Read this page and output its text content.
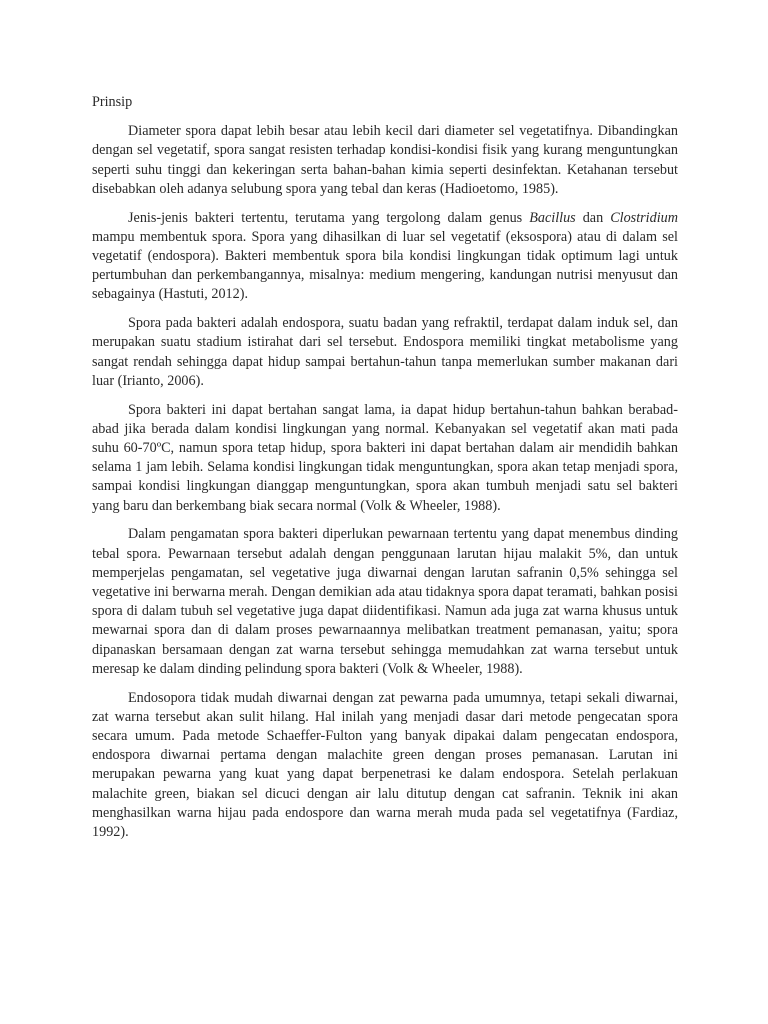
Prinsip

Diameter spora dapat lebih besar atau lebih kecil dari diameter sel vegetatifnya. Dibandingkan dengan sel vegetatif, spora sangat resisten terhadap kondisi-kondisi fisik yang kurang menguntungkan seperti suhu tinggi dan kekeringan serta bahan-bahan kimia seperti desinfektan. Ketahanan tersebut disebabkan oleh adanya selubung spora yang tebal dan keras (Hadioetomo, 1985).

Jenis-jenis bakteri tertentu, terutama yang tergolong dalam genus Bacillus dan Clostridium mampu membentuk spora. Spora yang dihasilkan di luar sel vegetatif (eksospora) atau di dalam sel vegetatif (endospora). Bakteri membentuk spora bila kondisi lingkungan tidak optimum lagi untuk pertumbuhan dan perkembangannya, misalnya: medium mengering, kandungan nutrisi menyusut dan sebagainya (Hastuti, 2012).

Spora pada bakteri adalah endospora, suatu badan yang refraktil, terdapat dalam induk sel, dan merupakan suatu stadium istirahat dari sel tersebut. Endospora memiliki tingkat metabolisme yang sangat rendah sehingga dapat hidup sampai bertahun-tahun tanpa memerlukan sumber makanan dari luar (Irianto, 2006).

Spora bakteri ini dapat bertahan sangat lama, ia dapat hidup bertahun-tahun bahkan berabad-abad jika berada dalam kondisi lingkungan yang normal. Kebanyakan sel vegetatif akan mati pada suhu 60-70ºC, namun spora tetap hidup, spora bakteri ini dapat bertahan dalam air mendidih bahkan selama 1 jam lebih. Selama kondisi lingkungan tidak menguntungkan, spora akan tetap menjadi spora, sampai kondisi lingkungan dianggap menguntungkan, spora akan tumbuh menjadi satu sel bakteri yang baru dan berkembang biak secara normal (Volk & Wheeler, 1988).

Dalam pengamatan spora bakteri diperlukan pewarnaan tertentu yang dapat menembus dinding tebal spora. Pewarnaan tersebut adalah dengan penggunaan larutan hijau malakit 5%, dan untuk memperjelas pengamatan, sel vegetative juga diwarnai dengan larutan safranin 0,5% sehingga sel vegetative ini berwarna merah. Dengan demikian ada atau tidaknya spora dapat teramati, bahkan posisi spora di dalam tubuh sel vegetative juga dapat diidentifikasi. Namun ada juga zat warna khusus untuk mewarnai spora dan di dalam proses pewarnaannya melibatkan treatment pemanasan, yaitu; spora dipanaskan bersamaan dengan zat warna tersebut sehingga memudahkan zat warna tersebut untuk meresap ke dalam dinding pelindung spora bakteri (Volk & Wheeler, 1988).

Endosopora tidak mudah diwarnai dengan zat pewarna pada umumnya, tetapi sekali diwarnai, zat warna tersebut akan sulit hilang. Hal inilah yang menjadi dasar dari metode pengecatan spora secara umum. Pada metode Schaeffer-Fulton yang banyak dipakai dalam pengecatan endospora, endospora diwarnai pertama dengan malachite green dengan proses pemanasan. Larutan ini merupakan pewarna yang kuat yang dapat berpenetrasi ke dalam endospora. Setelah perlakuan malachite green, biakan sel dicuci dengan air lalu ditutup dengan cat safranin. Teknik ini akan menghasilkan warna hijau pada endospore dan warna merah muda pada sel vegetatifnya (Fardiaz, 1992).
